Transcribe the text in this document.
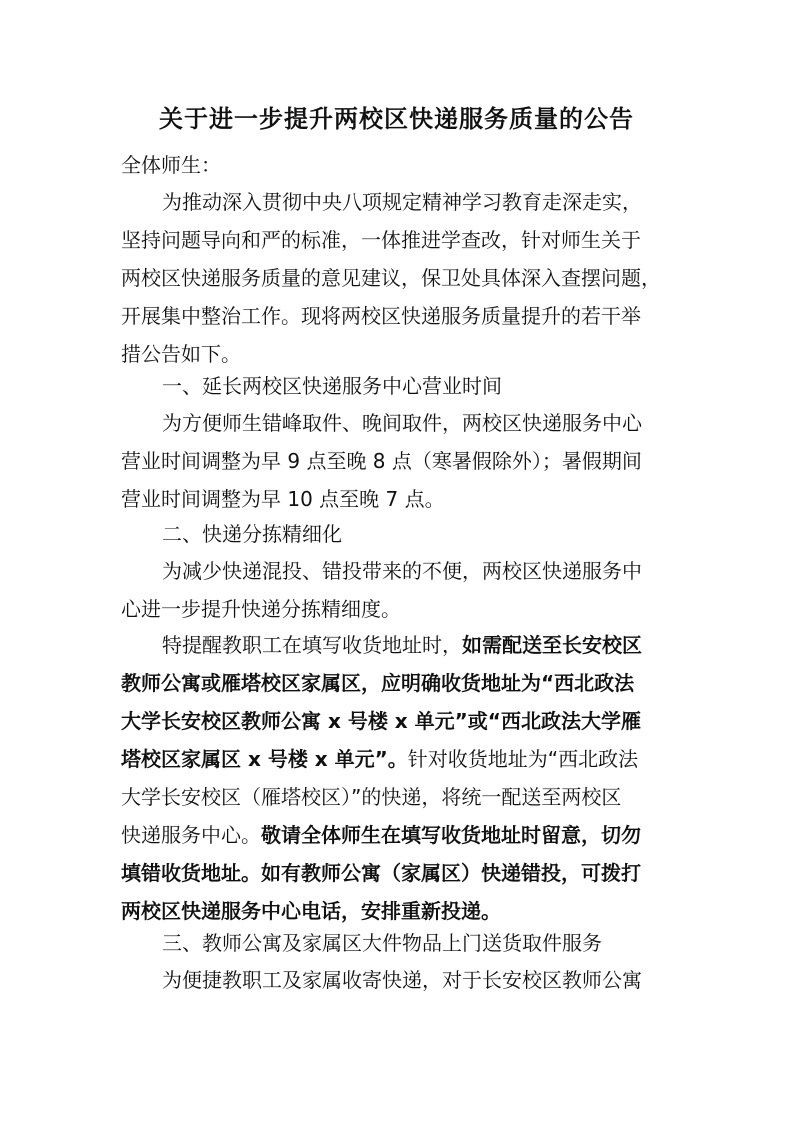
关于进一步提升两校区快递服务质量的公告
全体师生：
为推动深入贯彻中央八项规定精神学习教育走深走实，
坚持问题导向和严的标准，一体推进学查改，针对师生关于
两校区快递服务质量的意见建议，保卫处具体深入查摆问题，
开展集中整治工作。现将两校区快递服务质量提升的若干举
措公告如下。
一、延长两校区快递服务中心营业时间
为方便师生错峰取件、晚间取件，两校区快递服务中心
营业时间调整为早 9 点至晚 8 点（寒暑假除外）；暑假期间
营业时间调整为早 10 点至晚 7 点。
二、快递分拣精细化
为减少快递混投、错投带来的不便，两校区快递服务中
心进一步提升快递分拣精细度。
特提醒教职工在填写收货地址时，如需配送至长安校区
教师公寓或雁塔校区家属区，应明确收货地址为“西北政法
大学长安校区教师公寓 x 号楼 x 单元”或“西北政法大学雁
塔校区家属区 x 号楼 x 单元”。针对收货地址为“西北政法
大学长安校区（雁塔校区）”的快递，将统一配送至两校区
快递服务中心。敬请全体师生在填写收货地址时留意，切勿
填错收货地址。如有教师公寓（家属区）快递错投，可拨打
两校区快递服务中心电话，安排重新投递。
三、教师公寓及家属区大件物品上门送货取件服务
为便捷教职工及家属收寄快递，对于长安校区教师公寓
